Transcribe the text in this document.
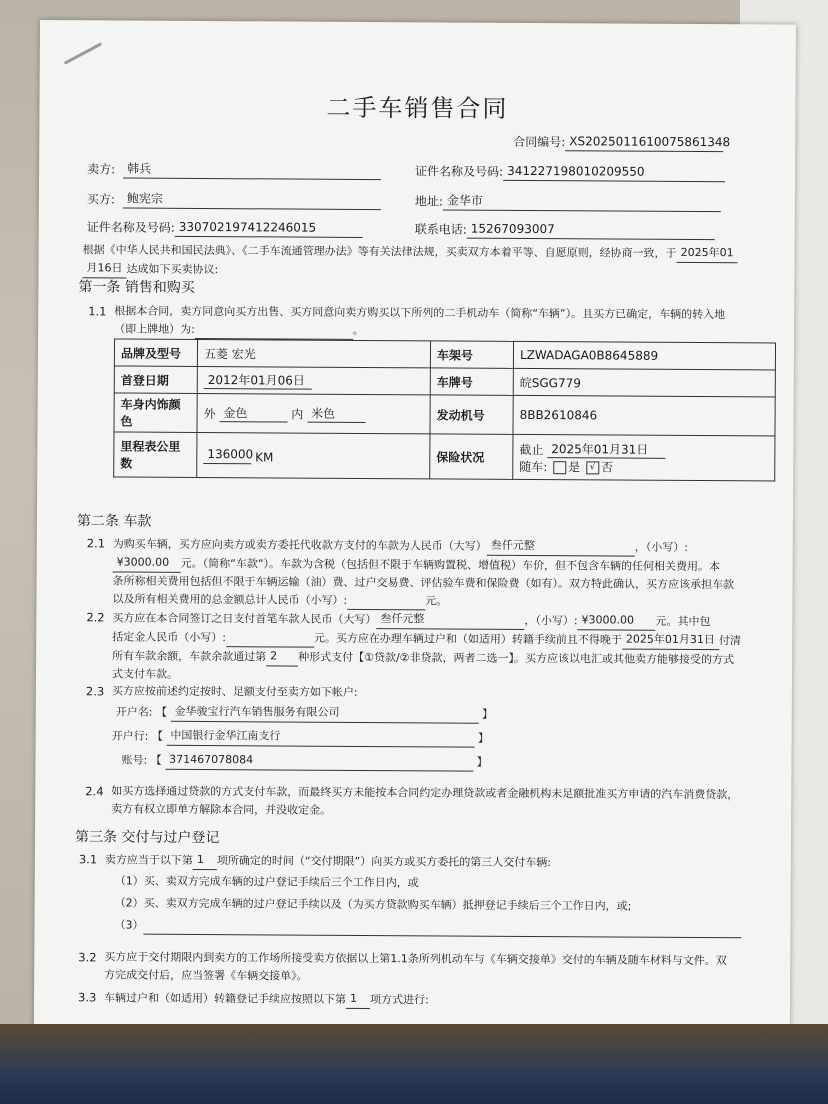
二手车销售合同
合同编号: XS2025011610075861348
卖方: 韩兵	证件名称及号码: 341227198010209550
买方: 鲍宪宗	地址: 金华市
证件名称及号码: 330702197412246015	联系电话: 15267093007
根据《中华人民共和国民法典》、《二手车流通管理办法》等有关法律法规，买卖双方本着平等、自愿原则，经协商一致，于 2025年01
月16日 达成如下买卖协议:
第一条 销售和购买
1.1 根据本合同，卖方同意向买方出售、买方同意向卖方购买以下所列的二手机动车（简称“车辆”）。且买方已确定，车辆的转入地
（即上牌地）为:	。
品牌及型号	五菱 宏光	车架号	LZWADAGA0B8645889
首登日期	2012年01月06日	车牌号	皖SGG779
车身内饰颜色	外 金色 内 米色	发动机号	8BB2610846
里程表公里数	136000 KM	保险状况	截止 2025年01月31日
随车: 是 √ 否
第二条 车款
2.1 为购买车辆，买方应向卖方或卖方委托代收款方支付的车款为人民币（大写） 叁仟元整	，（小写）:
¥3000.00 元。（简称“车款”）。车款为含税（包括但不限于车辆购置税、增值税）车价，但不包含车辆的任何相关费用。本
条所称相关费用包括但不限于车辆运输（油）费、过户交易费、评估验车费和保险费（如有）。双方特此确认，买方应该承担车款
以及所有相关费用的总金额总计人民币（小写）:	元。
2.2 买方应在本合同签订之日支付首笔车款人民币（大写） 叁仟元整	，（小写）: ¥3000.00 元。其中包
括定金人民币（小写）:	元。买方应在办理车辆过户和（如适用）转籍手续前且不得晚于 2025年01月31日 付清
所有车款余额，车款余款通过第 2 种形式支付【①贷款/②非贷款，两者二选一】。买方应该以电汇或其他卖方能够接受的方式
式支付车款。
2.3 买方应按前述约定按时、足额支付至卖方如下帐户:
开户名: 【 金华骏宝行汽车销售服务有限公司	】
开户行: 【 中国银行金华江南支行	】
账号: 【 371467078084	】
2.4 如买方选择通过贷款的方式支付车款，而最终买方未能按本合同约定办理贷款或者金融机构未足额批准买方申请的汽车消费贷款，
卖方有权立即单方解除本合同，并没收定金。
第三条 交付与过户登记
3.1 卖方应当于以下第 1 项所确定的时间（“交付期限”）向买方或买方委托的第三人交付车辆:
（1）买、卖双方完成车辆的过户登记手续后三个工作日内，或
（2）买、卖双方完成车辆的过户登记手续以及（为买方贷款购买车辆）抵押登记手续后三个工作日内，或;
（3）
3.2 买方应于交付期限内到卖方的工作场所接受卖方依据以上第1.1条所列机动车与《车辆交接单》交付的车辆及随车材料与文件。双
方完成交付后，应当签署《车辆交接单》。
3.3 车辆过户和（如适用）转籍登记手续应按照以下第 1 项方式进行:
